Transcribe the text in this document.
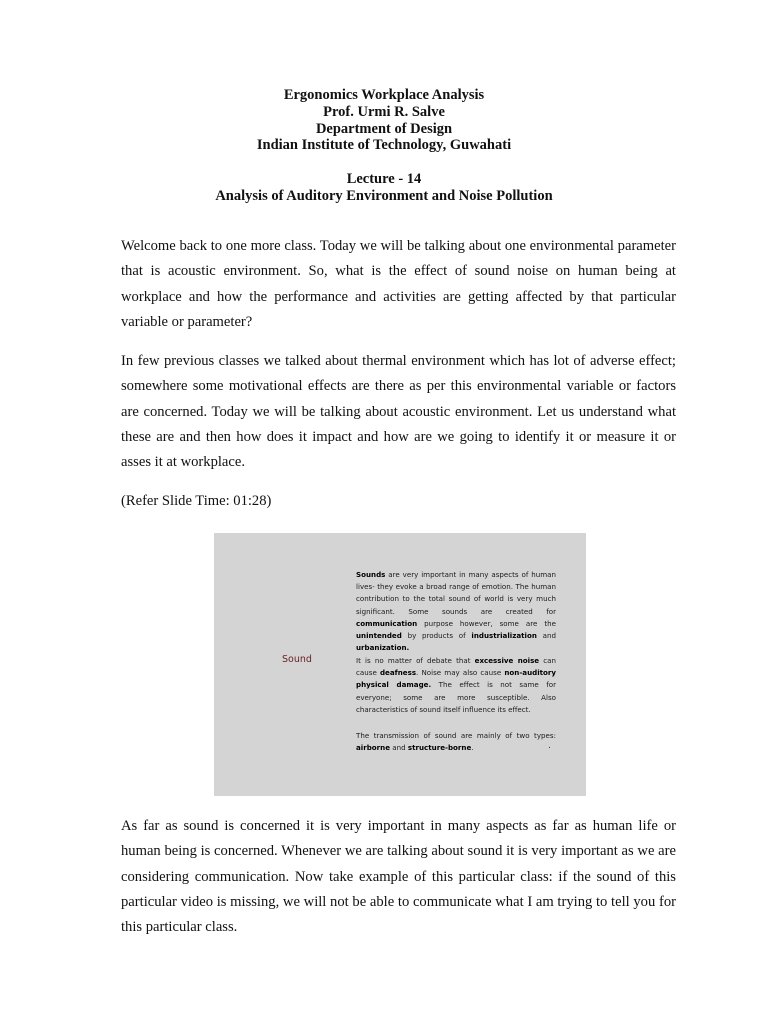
Ergonomics Workplace Analysis
Prof. Urmi R. Salve
Department of Design
Indian Institute of Technology, Guwahati
Lecture - 14
Analysis of Auditory Environment and Noise Pollution

Welcome back to one more class. Today we will be talking about one environmental parameter that is acoustic environment. So, what is the effect of sound noise on human being at workplace and how the performance and activities are getting affected by that particular variable or parameter?

In few previous classes we talked about thermal environment which has lot of adverse effect; somewhere some motivational effects are there as per this environmental variable or factors are concerned. Today we will be talking about acoustic environment. Let us understand what these are and then how does it impact and how are we going to identify it or measure it or asses it at workplace.

(Refer Slide Time: 01:28)

Sound

Sounds are very important in many aspects of human lives- they evoke a broad range of emotion. The human contribution to the total sound of world is very much significant. Some sounds are created for communication purpose however, some are the unintended by products of industrialization and urbanization.

It is no matter of debate that excessive noise can cause deafness. Noise may also cause non-auditory physical damage. The effect is not same for everyone; some are more susceptible. Also characteristics of sound itself influence its effect.

The transmission of sound are mainly of two types: airborne and structure-borne.	.

As far as sound is concerned it is very important in many aspects as far as human life or human being is concerned. Whenever we are talking about sound it is very important as we are considering communication. Now take example of this particular class: if the sound of this particular video is missing, we will not be able to communicate what I am trying to tell you for this particular class.
